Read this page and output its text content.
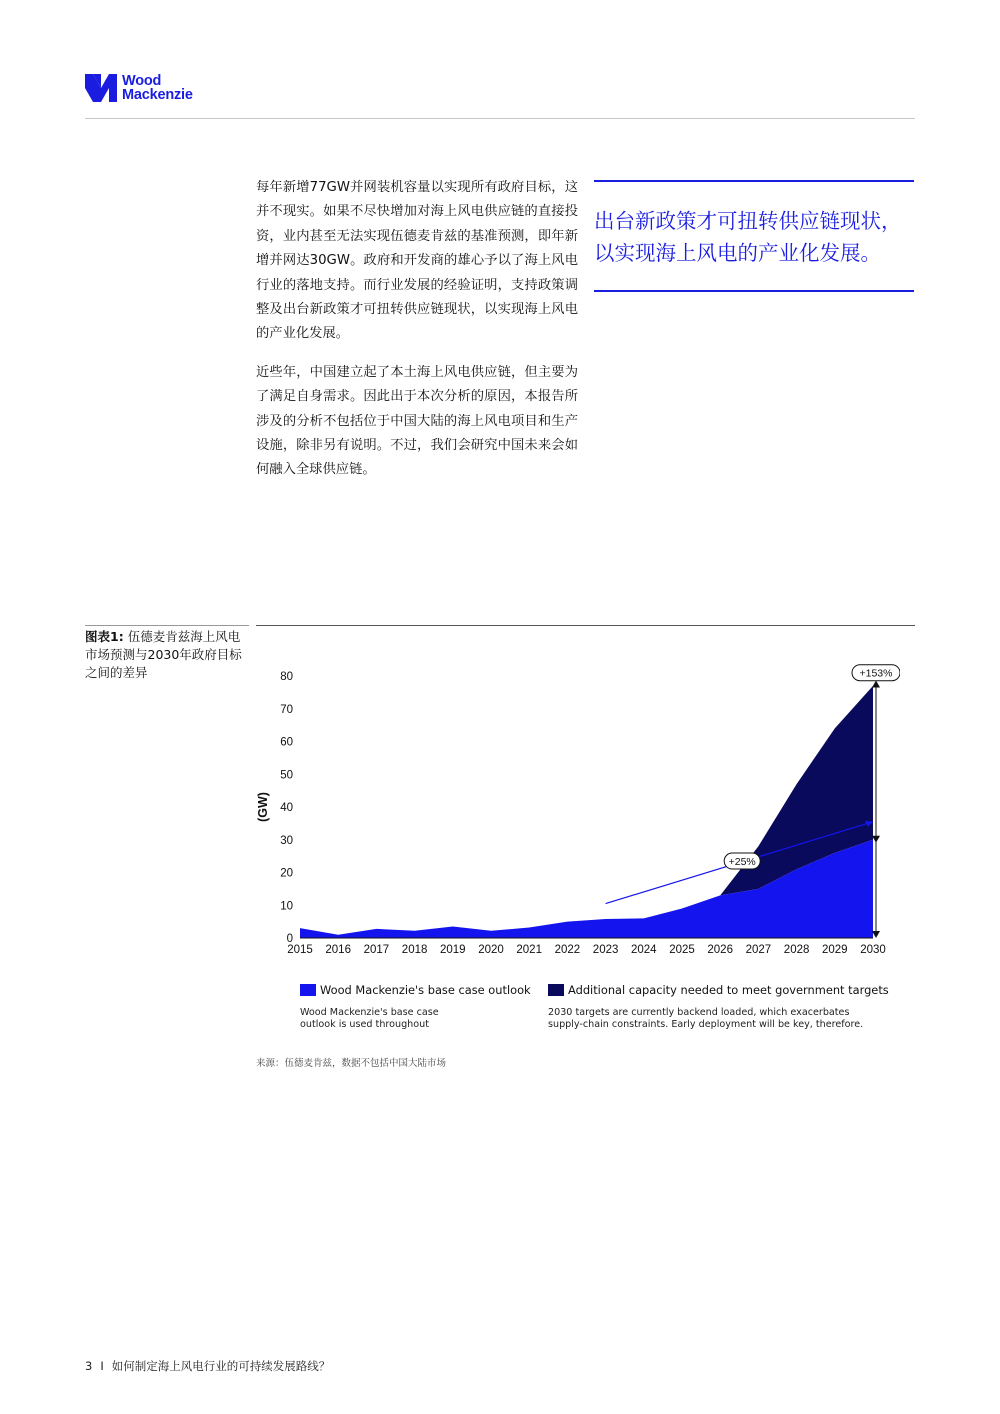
Wood
Mackenzie

每年新增77GW并网装机容量以实现所有政府目标，这并不现实。如果不尽快增加对海上风电供应链的直接投资，业内甚至无法实现伍德麦肯兹的基准预测，即年新增并网达30GW。政府和开发商的雄心予以了海上风电行业的落地支持。而行业发展的经验证明，支持政策调整及出台新政策才可扭转供应链现状，以实现海上风电的产业化发展。

近些年，中国建立起了本土海上风电供应链，但主要为了满足自身需求。因此出于本次分析的原因，本报告所涉及的分析不包括位于中国大陆的海上风电项目和生产设施，除非另有说明。不过，我们会研究中国未来会如何融入全球供应链。

出台新政策才可扭转供应链现状，
以实现海上风电的产业化发展。
图表1: 伍德麦肯兹海上风电市场预测与2030年政府目标之间的差异
(GW)
0
10
20
30
40
50
60
70
80
2015 2016 2017 2018 2019 2020 2021 2022 2023 2024 2025 2026 2027 2028 2029 2030
+25%
+153%
Wood Mackenzie's base case outlook	Additional capacity needed to meet government targets
Wood Mackenzie's base case outlook is used throughout
2030 targets are currently backend loaded, which exacerbates supply-chain constraints. Early deployment will be key, therefore.
来源：伍德麦肯兹，数据不包括中国大陆市场
3 I 如何制定海上风电行业的可持续发展路线？
